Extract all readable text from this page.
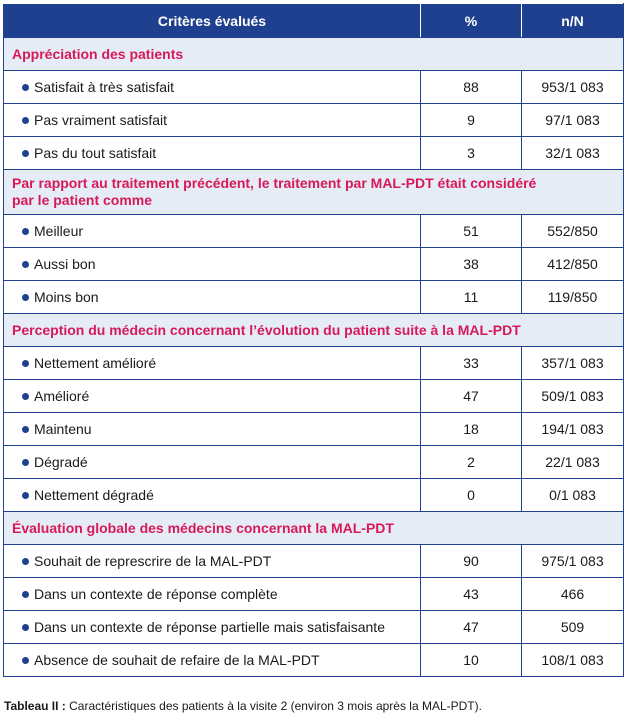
Critères évalués	%	n/N
Appréciation des patients		

Satisfait à très satisfait	88	953/1 083

Pas vraiment satisfait	9	97/1 083

Pas du tout satisfait	3	32/1 083

Par rapport au traitement précédent, le traitement par MAL-PDT était considéré par le patient comme		

Meilleur	51	552/850

Aussi bon	38	412/850

Moins bon	11	119/850
Perception du médecin concernant l’évolution du patient suite à la MAL-PDT		

Nettement amélioré	33	357/1 083

Amélioré	47	509/1 083

Maintenu	18	194/1 083

Dégradé	2	22/1 083

Nettement dégradé	0	0/1 083
Évaluation globale des médecins concernant la MAL-PDT		

Souhait de represcrire de la MAL-PDT	90	975/1 083

Dans un contexte de réponse complète	43	466

Dans un contexte de réponse partielle mais satisfaisante	47	509

Absence de souhait de refaire de la MAL-PDT	10	108/1 083
Tableau II : Caractéristiques des patients à la visite 2 (environ 3 mois après la MAL-PDT).
